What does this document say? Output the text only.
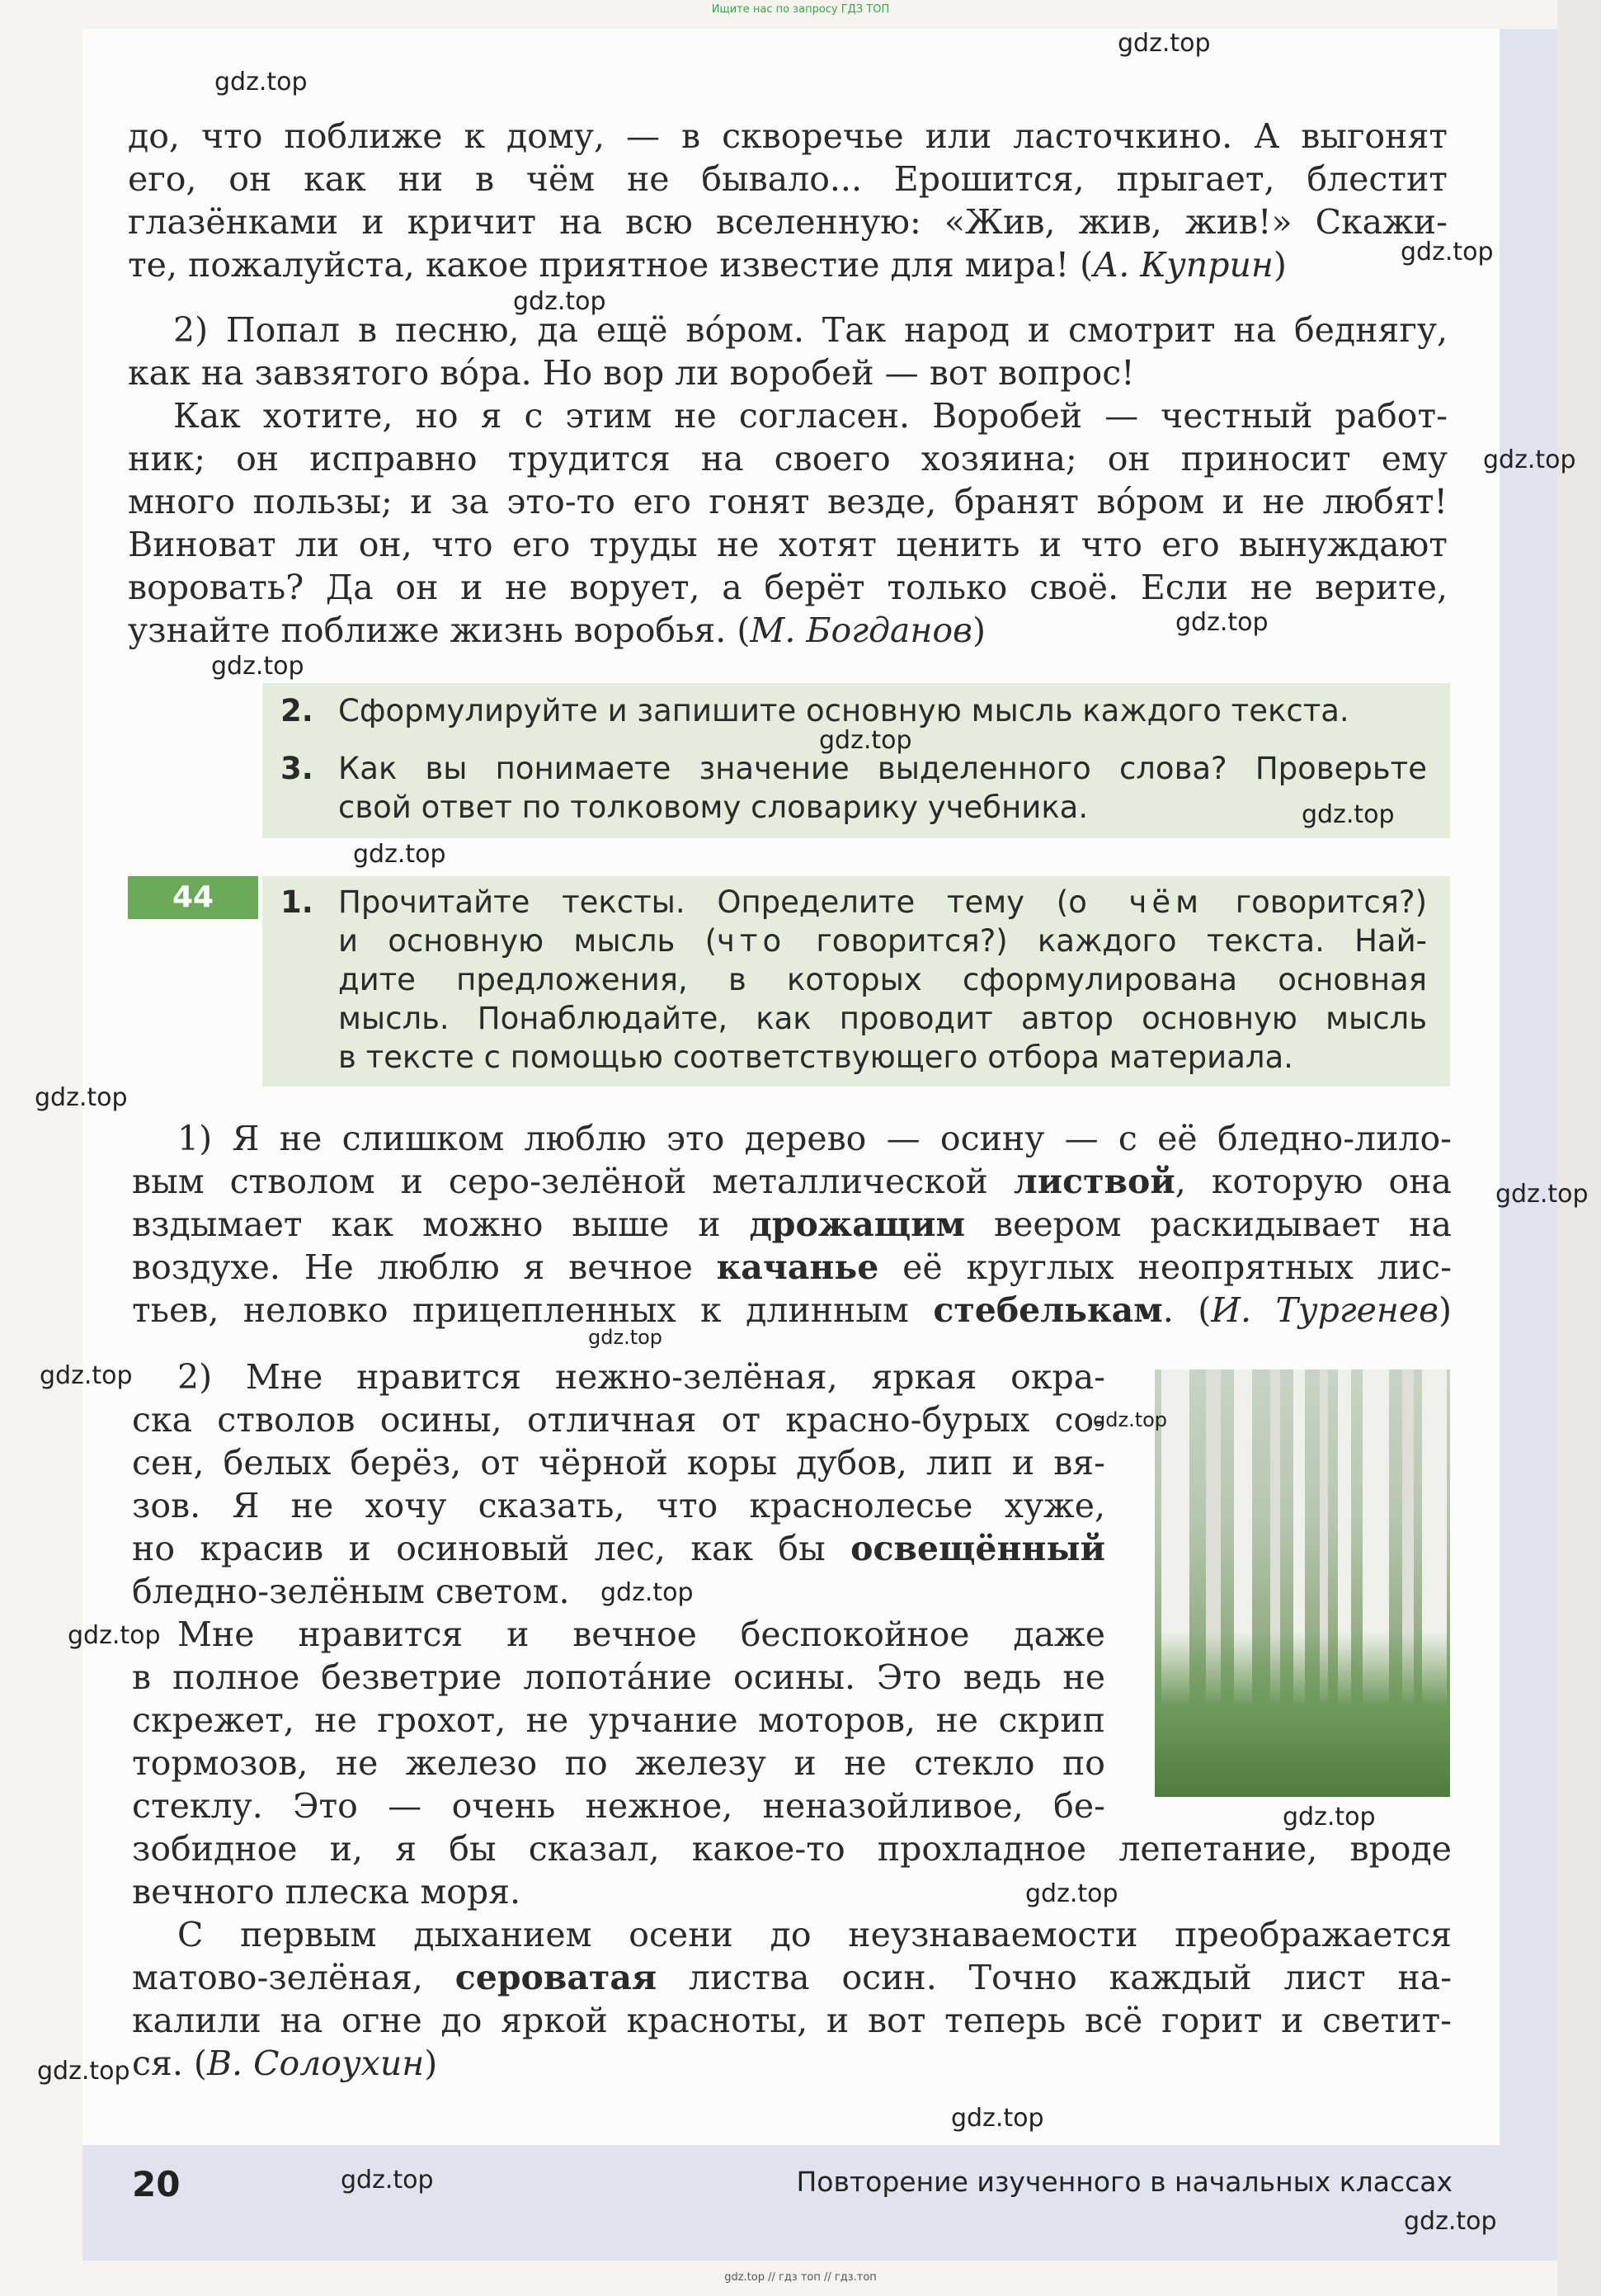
Ищите нас по запросу ГДЗ ТОП

до, что поближе к дому, — в скворечье или ласточкино. А выгонят

его, он как ни в чём не бывало... Ерошится, прыгает, блестит

глазёнками и кричит на всю вселенную: «Жив, жив, жив!» Скажи-

те, пожалуйста, какое приятное известие для мира! (А. Куприн)

2) Попал в песню, да ещё вóром. Так народ и смотрит на беднягу,

как на завзятого вóра. Но вор ли воробей — вот вопрос!

Как хотите, но я с этим не согласен. Воробей — честный работ-

ник; он исправно трудится на своего хозяина; он приносит ему

много пользы; и за это-то его гонят везде, бранят вóром и не любят!

Виноват ли он, что его труды не хотят ценить и что его вынуждают

воровать? Да он и не ворует, а берёт только своё. Если не верите,

узнайте поближе жизнь воробья. (М. Богданов)

2. Сформулируйте и запишите основную мысль каждого текста.
3. Как вы понимаете значение выделенного слова? Проверьте
свой ответ по толковому словарику учебника.
44	1. Прочитайте тексты. Определите тему (о чём говорится?)
и основную мысль (что говорится?) каждого текста. Най-
дите предложения, в которых сформулирована основная
мысль. Понаблюдайте, как проводит автор основную мысль
в тексте с помощью соответствующего отбора материала.

1) Я не слишком люблю это дерево — осину — с её бледно-лило-

вым стволом и серо-зелёной металлической листвой, которую она

вздымает как можно выше и дрожащим веером раскидывает на

воздухе. Не люблю я вечное качанье её круглых неопрятных лис-

тьев, неловко прицепленных к длинным стебелькам. (И. Тургенев)

2) Мне нравится нежно-зелёная, яркая окра-

ска стволов осины, отличная от красно-бурых со-

сен, белых берёз, от чёрной коры дубов, лип и вя-

зов. Я не хочу сказать, что краснолесье хуже,

но красив и осиновый лес, как бы освещённый

бледно-зелёным светом.

Мне нравится и вечное беспокойное даже

в полное безветрие лопотáние осины. Это ведь не

скрежет, не грохот, не урчание моторов, не скрип

тормозов, не железо по железу и не стекло по

стеклу. Это — очень нежное, неназойливое, бе-

зобидное и, я бы сказал, какое-то прохладное лепетание, вроде

вечного плеска моря.

С первым дыханием осени до неузнаваемости преображается

матово-зелёная, сероватая листва осин. Точно каждый лист на-

калили на огне до яркой красноты, и вот теперь всё горит и светит-

ся. (В. Солоухин)

20	Повторение изученного в начальных классах
gdz.top
gdz.top
gdz.top
gdz.top
gdz.top
gdz.top
gdz.top
gdz.top
gdz.top
gdz.top
gdz.top
gdz.top
gdz.top
gdz.top
gdz.top
gdz.top
gdz.top
gdz.top
gdz.top
gdz.top
gdz.top
gdz.top
gdz.top
gdz.top // гдз топ // гдз.топ
